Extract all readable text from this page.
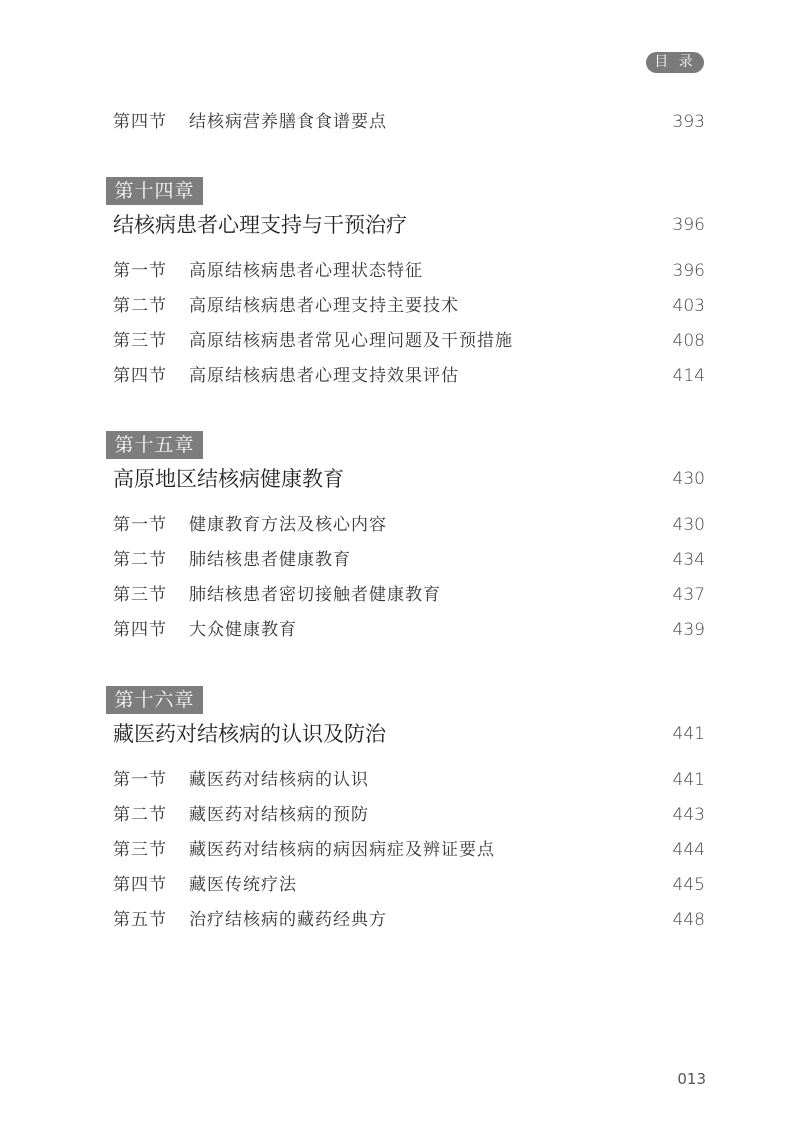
目 录
第四节 结核病营养膳食食谱要点	393
第十四章
结核病患者心理支持与干预治疗	396
第一节 高原结核病患者心理状态特征	396
第二节 高原结核病患者心理支持主要技术	403
第三节 高原结核病患者常见心理问题及干预措施	408
第四节 高原结核病患者心理支持效果评估	414
第十五章
高原地区结核病健康教育	430
第一节 健康教育方法及核心内容	430
第二节 肺结核患者健康教育	434
第三节 肺结核患者密切接触者健康教育	437
第四节 大众健康教育	439
第十六章
藏医药对结核病的认识及防治	441
第一节 藏医药对结核病的认识	441
第二节 藏医药对结核病的预防	443
第三节 藏医药对结核病的病因病症及辨证要点	444
第四节 藏医传统疗法	445
第五节 治疗结核病的藏药经典方	448
013
